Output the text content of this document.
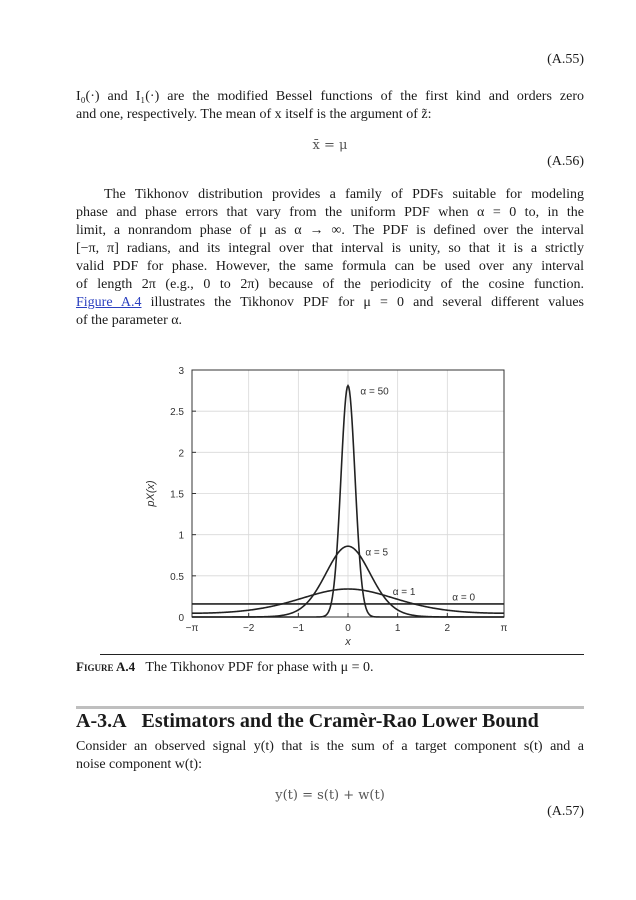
(A.55)
I₀(·) and I₁(·) are the modified Bessel functions of the first kind and orders zero
and one, respectively. The mean of x itself is the argument of z̃:
x̄ = μ
(A.56)
The Tikhonov distribution provides a family of PDFs suitable for modeling
phase and phase errors that vary from the uniform PDF when α = 0 to, in the
limit, a nonrandom phase of μ as α → ∞. The PDF is defined over the interval
[−π, π] radians, and its integral over that interval is unity, so that it is a strictly
valid PDF for phase. However, the same formula can be used over any interval
of length 2π (e.g., 0 to 2π) because of the periodicity of the cosine function.
Figure A.4 illustrates the Tikhonov PDF for μ = 0 and several different values
of the parameter α.
−π	−2	−1	0	1	2	π
0
0.5
1
1.5
2
2.5
3
x
pX(x)
α = 50
α = 5
α = 1
α = 0
Figure A.4 The Tikhonov PDF for phase with μ = 0.
A-3.A Estimators and the Cramèr-Rao Lower Bound
Consider an observed signal y(t) that is the sum of a target component s(t) and a
noise component w(t):
y(t) = s(t) + w(t)
(A.57)
